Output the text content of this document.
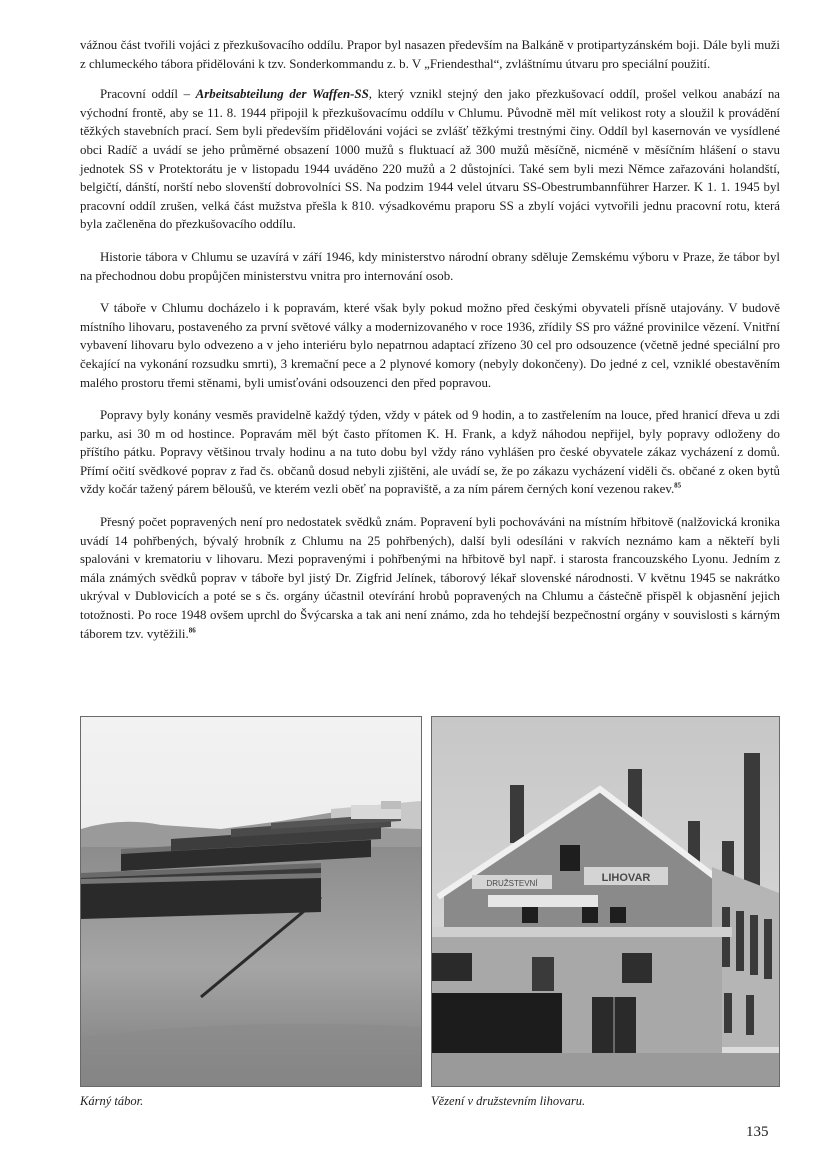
vážnou část tvořili vojáci z přezkušovacího oddílu. Prapor byl nasazen především na Balkáně v protipartyzánském boji. Dále byli muži z chlumeckého tábora přidělováni k tzv. Sonderkommandu z. b. V „Friendesthal“, zvláštnímu útvaru pro speciální použití.

Pracovní oddíl – Arbeitsabteilung der Waffen-SS, který vznikl stejný den jako přezkušovací oddíl, prošel velkou anabází na východní frontě, aby se 11. 8. 1944 připojil k přezkušovacímu oddílu v Chlumu. Původně měl mít velikost roty a sloužil k provádění těžkých stavebních prací. Sem byli především přidělováni vojáci se zvlášť těžkými trestnými činy. Oddíl byl kasernován ve vysídlené obci Radíč a uvádí se jeho průměrné obsazení 1000 mužů s fluktuací až 300 mužů měsíčně, nicméně v měsíčním hlášení o stavu jednotek SS v Protektorátu je v listopadu 1944 uváděno 220 mužů a 2 důstojníci. Také sem byli mezi Němce zařazováni holandští, belgičtí, dánští, norští nebo slovenští dobrovolníci SS. Na podzim 1944 velel útvaru SS-Obestrumbannführer Harzer. K 1. 1. 1945 byl pracovní oddíl zrušen, velká část mužstva přešla k 810. výsadkovému praporu SS a zbylí vojáci vytvořili jednu pracovní rotu, která byla začleněna do přezkušovacího oddílu.

Historie tábora v Chlumu se uzavírá v září 1946, kdy ministerstvo národní obrany sděluje Zemskému výboru v Praze, že tábor byl na přechodnou dobu propůjčen ministerstvu vnitra pro internování osob.

V táboře v Chlumu docházelo i k popravám, které však byly pokud možno před českými obyvateli přísně utajovány. V budově místního lihovaru, postaveného za první světové války a modernizovaného v roce 1936, zřídily SS pro vážné provinilce vězení. Vnitřní vybavení lihovaru bylo odvezeno a v jeho interiéru bylo nepatrnou adaptací zřízeno 30 cel pro odsouzence (včetně jedné speciální pro čekající na vykonání rozsudku smrti), 3 kremační pece a 2 plynové komory (nebyly dokončeny). Do jedné z cel, vzniklé obestavěním malého prostoru třemi stěnami, byli umisťováni odsouzenci den před popravou.

Popravy byly konány vesměs pravidelně každý týden, vždy v pátek od 9 hodin, a to zastřelením na louce, před hranicí dřeva u zdi parku, asi 30 m od hostince. Popravám měl být často přítomen K. H. Frank, a když náhodou nepřijel, byly popravy odloženy do příštího pátku. Popravy většinou trvaly hodinu a na tuto dobu byl vždy ráno vyhlášen pro české obyvatele zákaz vycházení z domů. Přímí očití svědkové poprav z řad čs. občanů dosud nebyli zjištěni, ale uvádí se, že po zákazu vycházení viděli čs. občané z oken bytů vždy kočár tažený párem běloušů, ve kterém vezli oběť na popraviště, a za ním párem černých koní vezenou rakev.$^{85}$

Přesný počet popravených není pro nedostatek svědků znám. Popravení byli pochováváni na místním hřbitově (nalžovická kronika uvádí 14 pohřbených, bývalý hrobník z Chlumu na 25 pohřbených), další byli odesíláni v rakvích neznámo kam a někteří byli spalováni v krematoriu v lihovaru. Mezi popravenými i pohřbenými na hřbitově byl např. i starosta francouzského Lyonu. Jedním z mála známých svědků poprav v táboře byl jistý Dr. Zigfrid Jelínek, táborový lékař slovenské národnosti. V květnu 1945 se nakrátko ukrýval v Dublovicích a poté se s čs. orgány účastnil otevírání hrobů popravených na Chlumu a částečně přispěl k objasnění jejich totožnosti. Po roce 1948 ovšem uprchl do Švýcarska a tak ani není známo, zda ho tehdejší bezpečnostní orgány v souvislosti s kárným táborem tzv. vytěžili.$^{86}$

DRUŽSTEVNÍ	LIHOVAR
Kárný tábor.	Vězení v družstevním lihovaru.
135
